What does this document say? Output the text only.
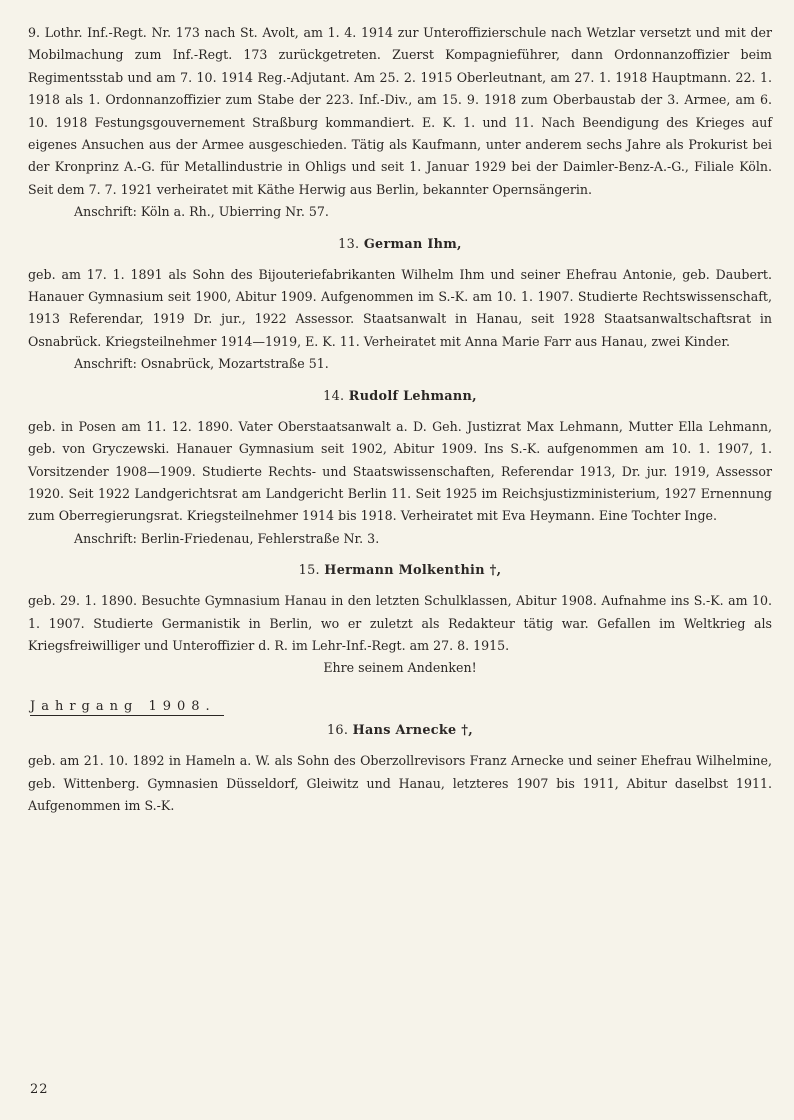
9. Lothr. Inf.-Regt. Nr. 173 nach St. Avolt, am 1. 4. 1914 zur Unteroffizierschule nach Wetzlar versetzt und mit der Mobilmachung zum Inf.-Regt. 173 zurückgetreten. Zuerst Kompagnieführer, dann Ordonnanzoffizier beim Regimentsstab und am 7. 10. 1914 Reg.-Adjutant. Am 25. 2. 1915 Oberleutnant, am 27. 1. 1918 Hauptmann. 22. 1. 1918 als 1. Ordonnanzoffizier zum Stabe der 223. Inf.-Div., am 15. 9. 1918 zum Oberbaustab der 3. Armee, am 6. 10. 1918 Festungsgouvernement Straßburg kommandiert. E. K. 1. und 11. Nach Beendigung des Krieges auf eigenes Ansuchen aus der Armee ausgeschieden. Tätig als Kaufmann, unter anderem sechs Jahre als Prokurist bei der Kronprinz A.-G. für Metallindustrie in Ohligs und seit 1. Januar 1929 bei der Daimler-Benz-A.-G., Filiale Köln. Seit dem 7. 7. 1921 verheiratet mit Käthe Herwig aus Berlin, bekannter Opernsängerin.

Anschrift: Köln a. Rh., Ubierring Nr. 57.

13. German Ihm,

geb. am 17. 1. 1891 als Sohn des Bijouteriefabrikanten Wilhelm Ihm und seiner Ehefrau Antonie, geb. Daubert. Hanauer Gymnasium seit 1900, Abitur 1909. Aufgenommen im S.-K. am 10. 1. 1907. Studierte Rechtswissenschaft, 1913 Referendar, 1919 Dr. jur., 1922 Assessor. Staatsanwalt in Hanau, seit 1928 Staatsanwaltschaftsrat in Osnabrück. Kriegsteilnehmer 1914—1919, E. K. 11. Verheiratet mit Anna Marie Farr aus Hanau, zwei Kinder.

Anschrift: Osnabrück, Mozartstraße 51.

14. Rudolf Lehmann,

geb. in Posen am 11. 12. 1890. Vater Oberstaatsanwalt a. D. Geh. Justizrat Max Lehmann, Mutter Ella Lehmann, geb. von Gryczewski. Hanauer Gymnasium seit 1902, Abitur 1909. Ins S.-K. aufgenommen am 10. 1. 1907, 1. Vorsitzender 1908—1909. Studierte Rechts- und Staatswissenschaften, Referendar 1913, Dr. jur. 1919, Assessor 1920. Seit 1922 Landgerichtsrat am Landgericht Berlin 11. Seit 1925 im Reichsjustizministerium, 1927 Ernennung zum Oberregierungsrat. Kriegsteilnehmer 1914 bis 1918. Verheiratet mit Eva Heymann. Eine Tochter Inge.

Anschrift: Berlin-Friedenau, Fehlerstraße Nr. 3.

15. Hermann Molkenthin †,

geb. 29. 1. 1890. Besuchte Gymnasium Hanau in den letzten Schulklassen, Abitur 1908. Aufnahme ins S.-K. am 10. 1. 1907. Studierte Germanistik in Berlin, wo er zuletzt als Redakteur tätig war. Gefallen im Weltkrieg als Kriegsfreiwilliger und Unteroffizier d. R. im Lehr-Inf.-Regt. am 27. 8. 1915.

Ehre seinem Andenken!

Jahrgang 1908.
16. Hans Arnecke †,

geb. am 21. 10. 1892 in Hameln a. W. als Sohn des Oberzollrevisors Franz Arnecke und seiner Ehefrau Wilhelmine, geb. Wittenberg. Gymnasien Düsseldorf, Gleiwitz und Hanau, letzteres 1907 bis 1911, Abitur daselbst 1911. Aufgenommen im S.-K.

22
